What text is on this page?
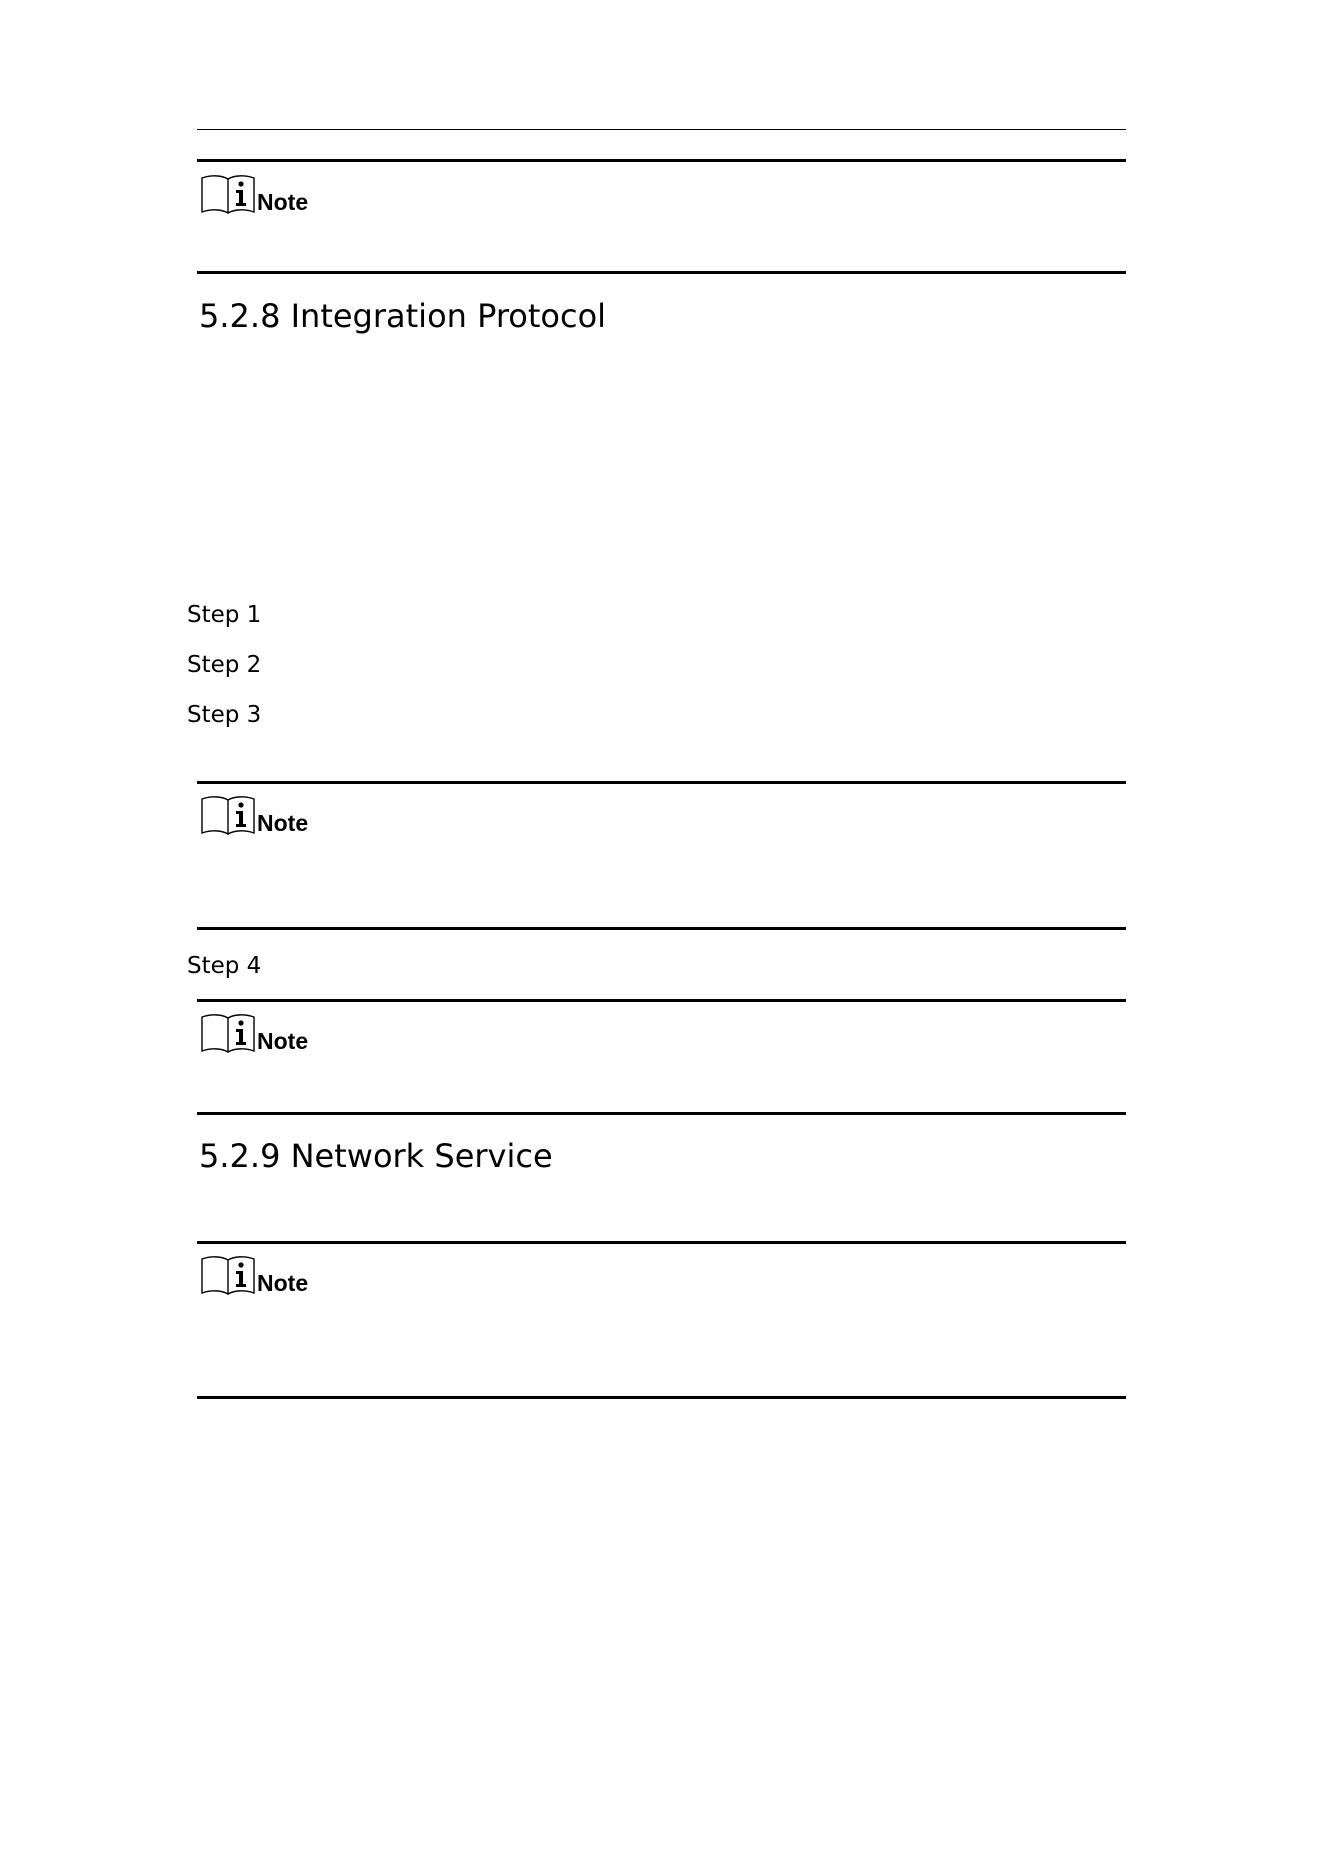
Note
5.2.8 Integration Protocol
Step 1
Step 2
Step 3
Note
Step 4
Note
5.2.9 Network Service
Note
